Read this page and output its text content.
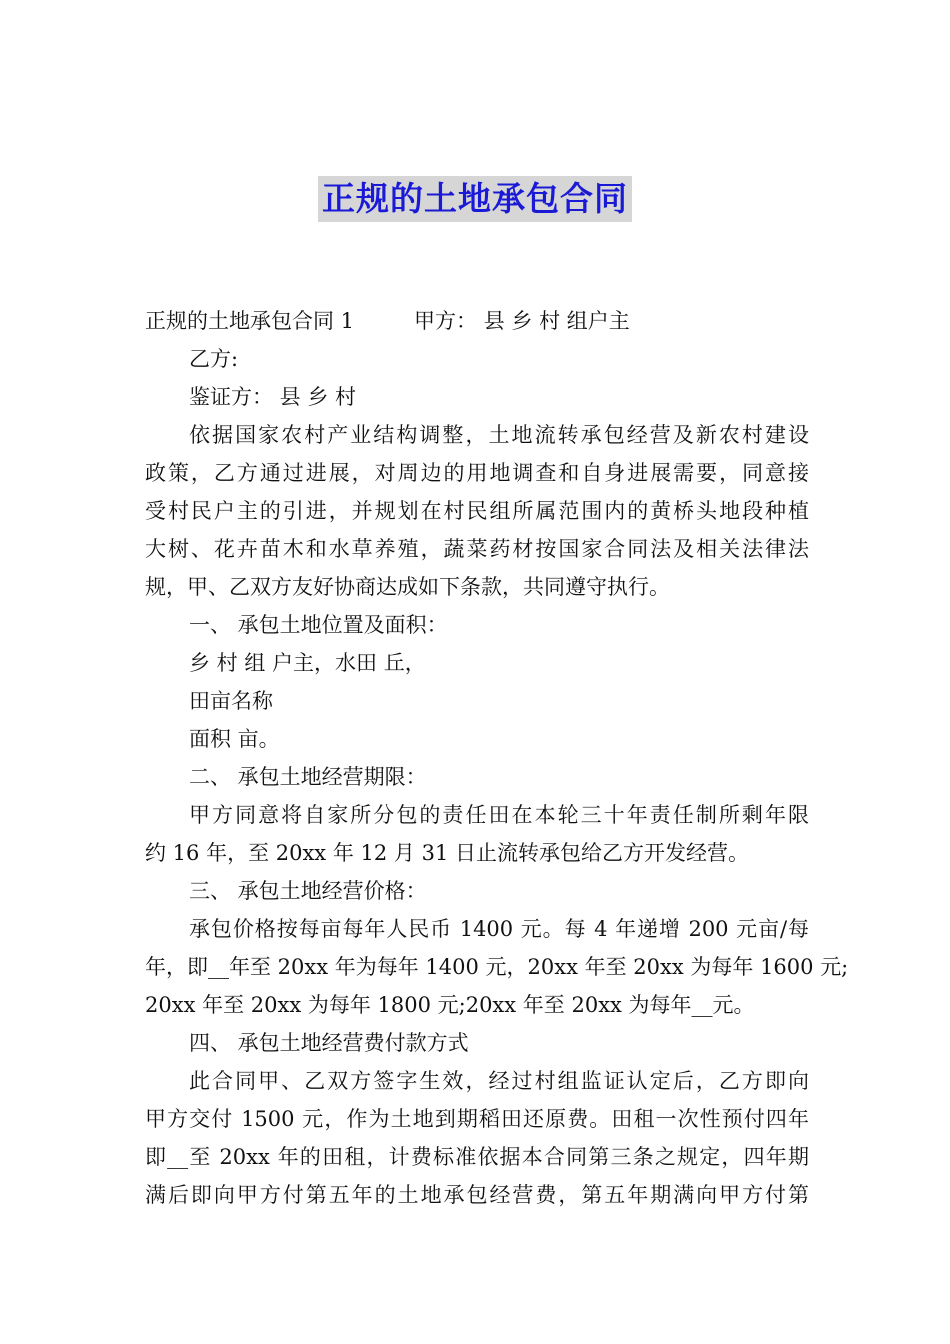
正规的土地承包合同
正规的土地承包合同 1	甲方： 县 乡 村 组户主
乙方:
鉴证方： 县 乡 村
依据国家农村产业结构调整，土地流转承包经营及新农村建设
政策，乙方通过进展，对周边的用地调查和自身进展需要，同意接
受村民户主的引进，并规划在村民组所属范围内的黄桥头地段种植
大树、花卉苗木和水草养殖，蔬菜药材按国家合同法及相关法律法
规，甲、乙双方友好协商达成如下条款，共同遵守执行。
一、 承包土地位置及面积：
乡 村 组 户主，水田 丘，
田亩名称
面积 亩。
二、 承包土地经营期限：
甲方同意将自家所分包的责任田在本轮三十年责任制所剩年限
约 16 年，至 20xx 年 12 月 31 日止流转承包给乙方开发经营。
三、 承包土地经营价格：
承包价格按每亩每年人民币 1400 元。每 4 年递增 200 元亩/每
年，即__年至 20xx 年为每年 1400 元，20xx 年至 20xx 为每年 1600 元;
20xx 年至 20xx 为每年 1800 元;20xx 年至 20xx 为每年__元。
四、 承包土地经营费付款方式
此合同甲、乙双方签字生效，经过村组监证认定后，乙方即向
甲方交付 1500 元，作为土地到期稻田还原费。田租一次性预付四年
即__至 20xx 年的田租，计费标准依据本合同第三条之规定，四年期
满后即向甲方付第五年的土地承包经营费，第五年期满向甲方付第
